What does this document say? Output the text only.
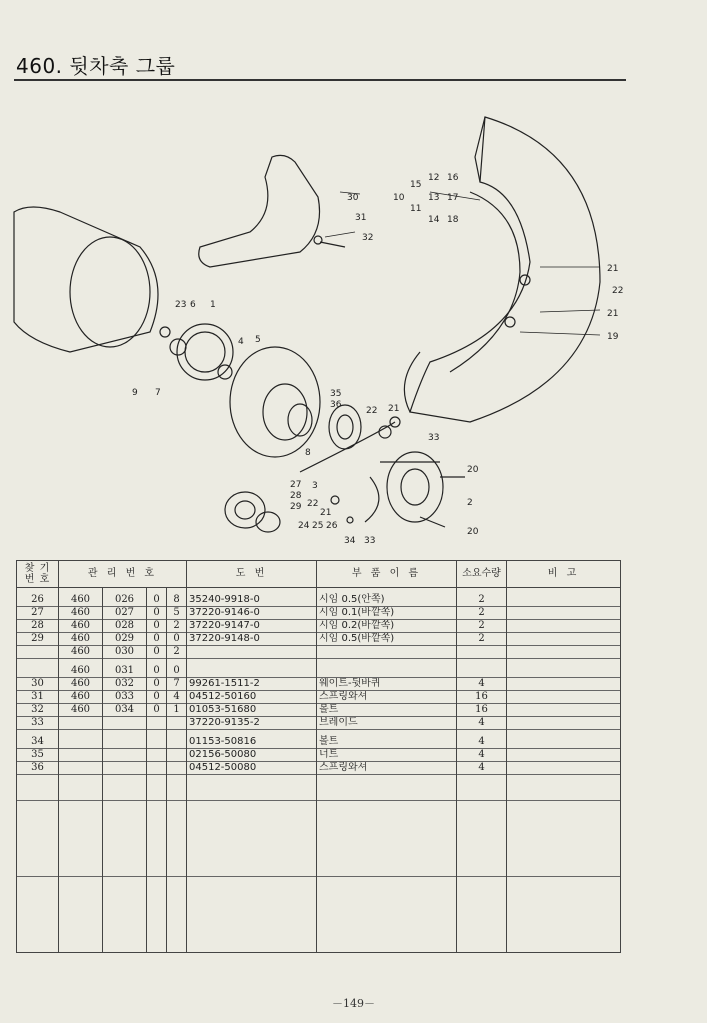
460. 뒷차축 그룹
30
31
32
23 6 1
4 5
9 7
12
15
10
11
13
14
16
17
18
21
22
21
19
35
36
22 21
33
8
3
27
28
29 22
21
24 25 26
20
2
20
34 33
찾 기
번 호	관 리 번 호				도 번	부 품 이 름	소요수량	비 고
26	460	026	0	8	35240-9918-0	시임 0.5(안쪽)	2	
27	460	027	0	5	37220-9146-0	시임 0.1(바깥쪽)	2	
28	460	028	0	2	37220-9147-0	시임 0.2(바깥쪽)	2	
29	460	029	0	0	37220-9148-0	시임 0.5(바깥쪽)	2	
	460	030	0	2				
	460	031	0	0				
30	460	032	0	7	99261-1511-2	웨이트-뒷바퀴	4	
31	460	033	0	4	04512-50160	스프링와셔	16	
32	460	034	0	1	01053-51680	볼트	16	
33					37220-9135-2	브레이드	4	
34					01153-50816	볼트	4	
35					02156-50080	너트	4	
36					04512-50080	스프링와셔	4	

－149－
